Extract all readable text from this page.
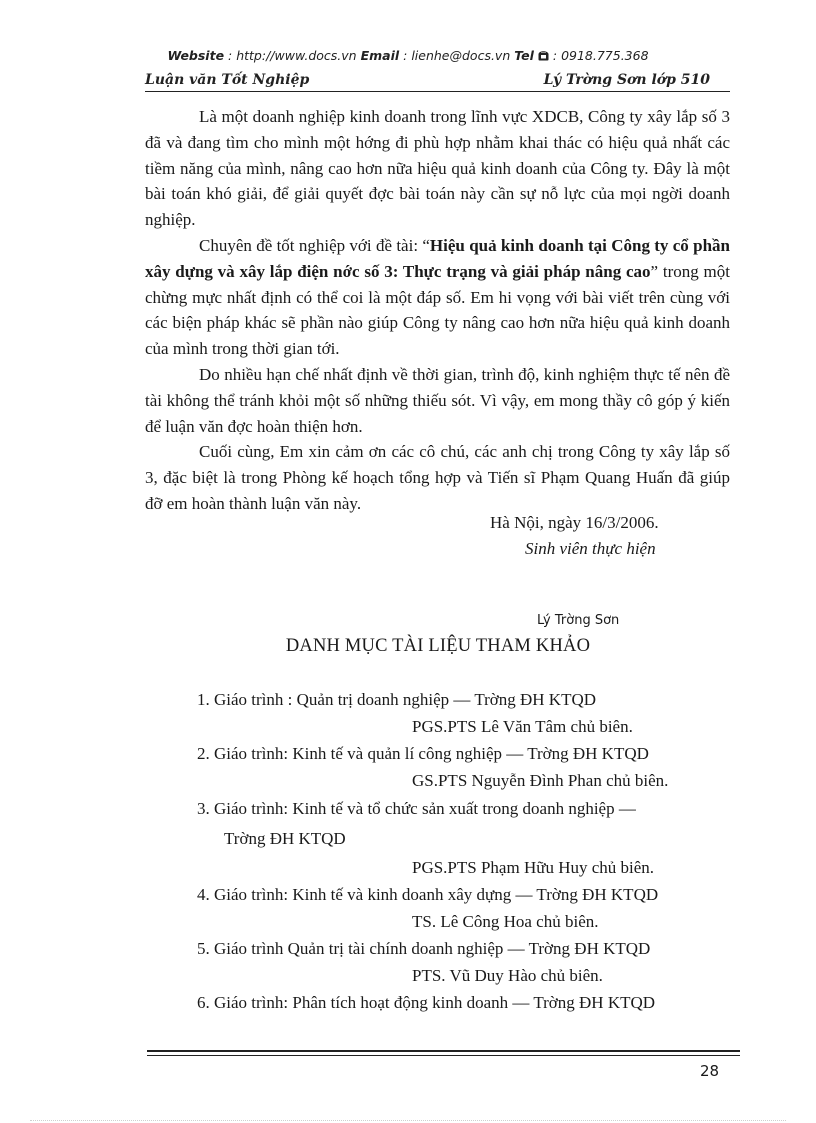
Website : http://www.docs.vn Email : lienhe@docs.vn Tel  : 0918.775.368
Luận văn Tốt Nghiệp	Lý Trờng Sơn lớp 510

Là một doanh nghiệp kinh doanh trong lĩnh vực XDCB, Công ty xây lắp số 3 đã và đang tìm cho mình một hớng đi phù hợp nhằm khai thác có hiệu quả nhất các tiềm năng của mình, nâng cao hơn nữa hiệu quả kinh doanh của Công ty. Đây là một bài toán khó giải, để giải quyết đợc bài toán này cần sự nỗ lực của mọi ngời doanh nghiệp.

Chuyên đề tốt nghiệp với đề tài: “Hiệu quả kinh doanh tại Công ty cổ phần xây dựng và xây lắp điện nớc số 3: Thực trạng và giải pháp nâng cao” trong một chừng mực nhất định có thể coi là một đáp số. Em hi vọng với bài viết trên cùng với các biện pháp khác sẽ phần nào giúp Công ty nâng cao hơn nữa hiệu quả kinh doanh của mình trong thời gian tới.

Do nhiều hạn chế nhất định về thời gian, trình độ, kinh nghiệm thực tế nên đề tài không thể tránh khỏi một số những thiếu sót. Vì vậy, em mong thầy cô góp ý kiến để luận văn đợc hoàn thiện hơn.

Cuối cùng, Em xin cảm ơn các cô chú, các anh chị trong Công ty xây lắp số 3, đặc biệt là trong Phòng kế hoạch tổng hợp và Tiến sĩ Phạm Quang Huấn đã giúp đỡ em hoàn thành luận văn này.

Hà Nội, ngày 16/3/2006.
Sinh viên thực hiện
Lý Trờng Sơn
DANH MỤC TÀI LIỆU THAM KHẢO
1. Giáo trình : Quản trị doanh nghiệp — Trờng ĐH KTQD
PGS.PTS Lê Văn Tâm chủ biên.
2. Giáo trình: Kinh tế và quản lí công nghiệp — Trờng ĐH KTQD
GS.PTS Nguyễn Đình Phan chủ biên.
3. Giáo trình: Kinh tế và tổ chức sản xuất trong doanh nghiệp —
Trờng ĐH KTQD
PGS.PTS Phạm Hữu Huy chủ biên.
4. Giáo trình: Kinh tế và kinh doanh xây dựng — Trờng ĐH KTQD
TS. Lê Công Hoa chủ biên.
5. Giáo trình Quản trị tài chính doanh nghiệp — Trờng ĐH KTQD
PTS. Vũ Duy Hào chủ biên.
6. Giáo trình: Phân tích hoạt động kinh doanh — Trờng ĐH KTQD
28
